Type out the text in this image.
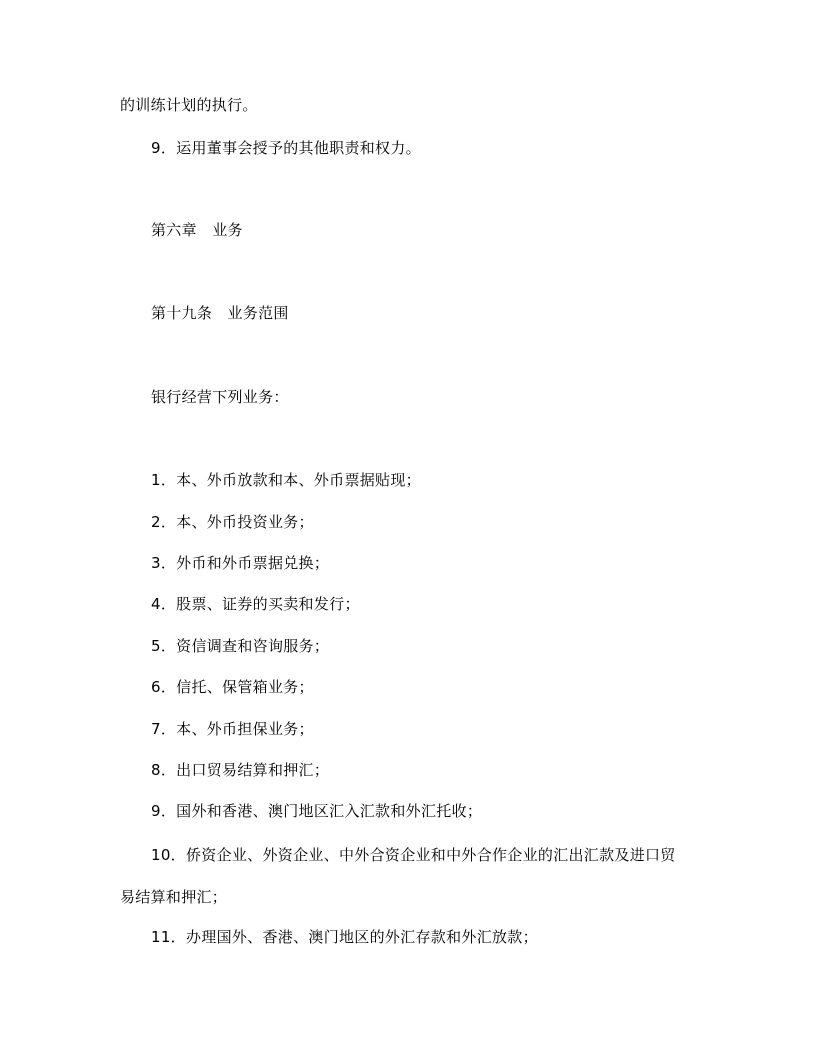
的训练计划的执行。
9．运用董事会授予的其他职责和权力。
第六章　业务
第十九条　业务范围
银行经营下列业务：
1．本、外币放款和本、外币票据贴现；
2．本、外币投资业务；
3．外币和外币票据兑换；
4．股票、证券的买卖和发行；
5．资信调查和咨询服务；
6．信托、保管箱业务；
7．本、外币担保业务；
8．出口贸易结算和押汇；
9．国外和香港、澳门地区汇入汇款和外汇托收；
10．侨资企业、外资企业、中外合资企业和中外合作企业的汇出汇款及进口贸
易结算和押汇；
11．办理国外、香港、澳门地区的外汇存款和外汇放款；
